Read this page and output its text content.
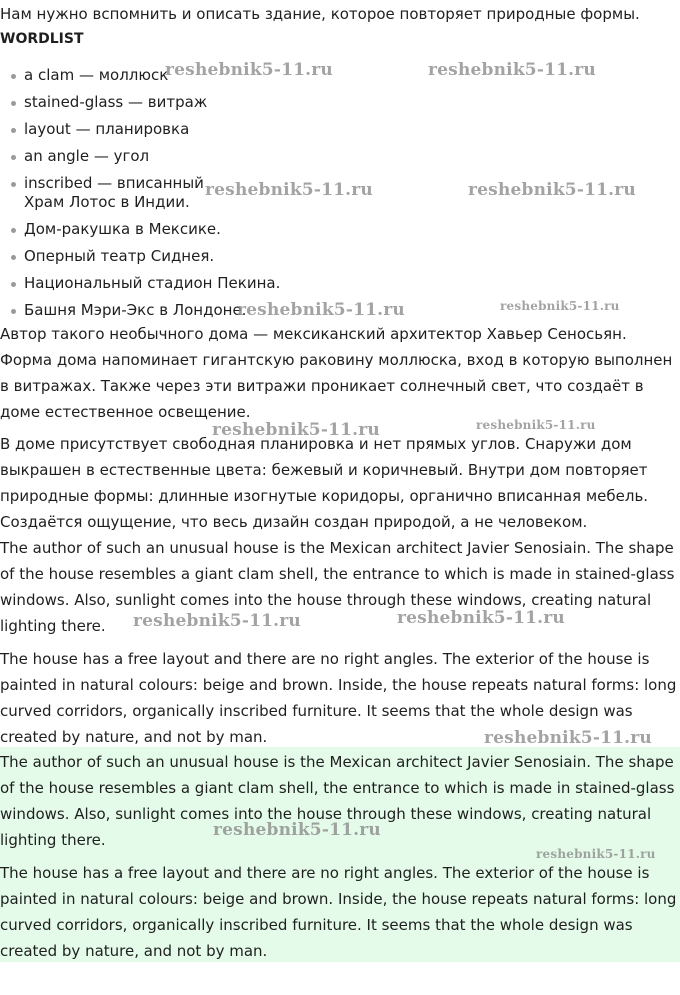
Нам нужно вспомнить и описать здание, которое повторяет природные формы.

WORDLIST
a clam — моллюск
stained-glass — витраж
layout — планировка
an angle — угол
inscribed — вписанный
Храм Лотос в Индии.
Дом-ракушка в Мексике.
Оперный театр Сиднея.
Национальный стадион Пекина.
Башня Мэри-Экс в Лондоне.

Автор такого необычного дома — мексиканский архитектор Хавьер Сеносьян. Форма дома напоминает гигантскую раковину моллюска, вход в которую выполнен в витражах. Также через эти витражи проникает солнечный свет, что создаёт в доме естественное освещение.

В доме присутствует свободная планировка и нет прямых углов. Снаружи дом выкрашен в естественные цвета: бежевый и коричневый. Внутри дом повторяет природные формы: длинные изогнутые коридоры, органично вписанная мебель. Создаётся ощущение, что весь дизайн создан природой, а не человеком.

The author of such an unusual house is the Mexican architect Javier Senosiain. The shape of the house resembles a giant clam shell, the entrance to which is made in stained-glass windows. Also, sunlight comes into the house through these windows, creating natural lighting there.

The house has a free layout and there are no right angles. The exterior of the house is painted in natural colours: beige and brown. Inside, the house repeats natural forms: long curved corridors, organically inscribed furniture. It seems that the whole design was created by nature, and not by man.

The author of such an unusual house is the Mexican architect Javier Senosiain. The shape of the house resembles a giant clam shell, the entrance to which is made in stained-glass windows. Also, sunlight comes into the house through these windows, creating natural lighting there.

The house has a free layout and there are no right angles. The exterior of the house is painted in natural colours: beige and brown. Inside, the house repeats natural forms: long curved corridors, organically inscribed furniture. It seems that the whole design was created by nature, and not by man.

reshebnik5-11.ru	reshebnik5-11.ru
reshebnik5-11.ru	reshebnik5-11.ru
reshebnik5-11.ru	reshebnik5-11.ru
reshebnik5-11.ru	reshebnik5-11.ru
reshebnik5-11.ru	reshebnik5-11.ru
reshebnik5-11.ru
reshebnik5-11.ru
reshebnik5-11.ru
